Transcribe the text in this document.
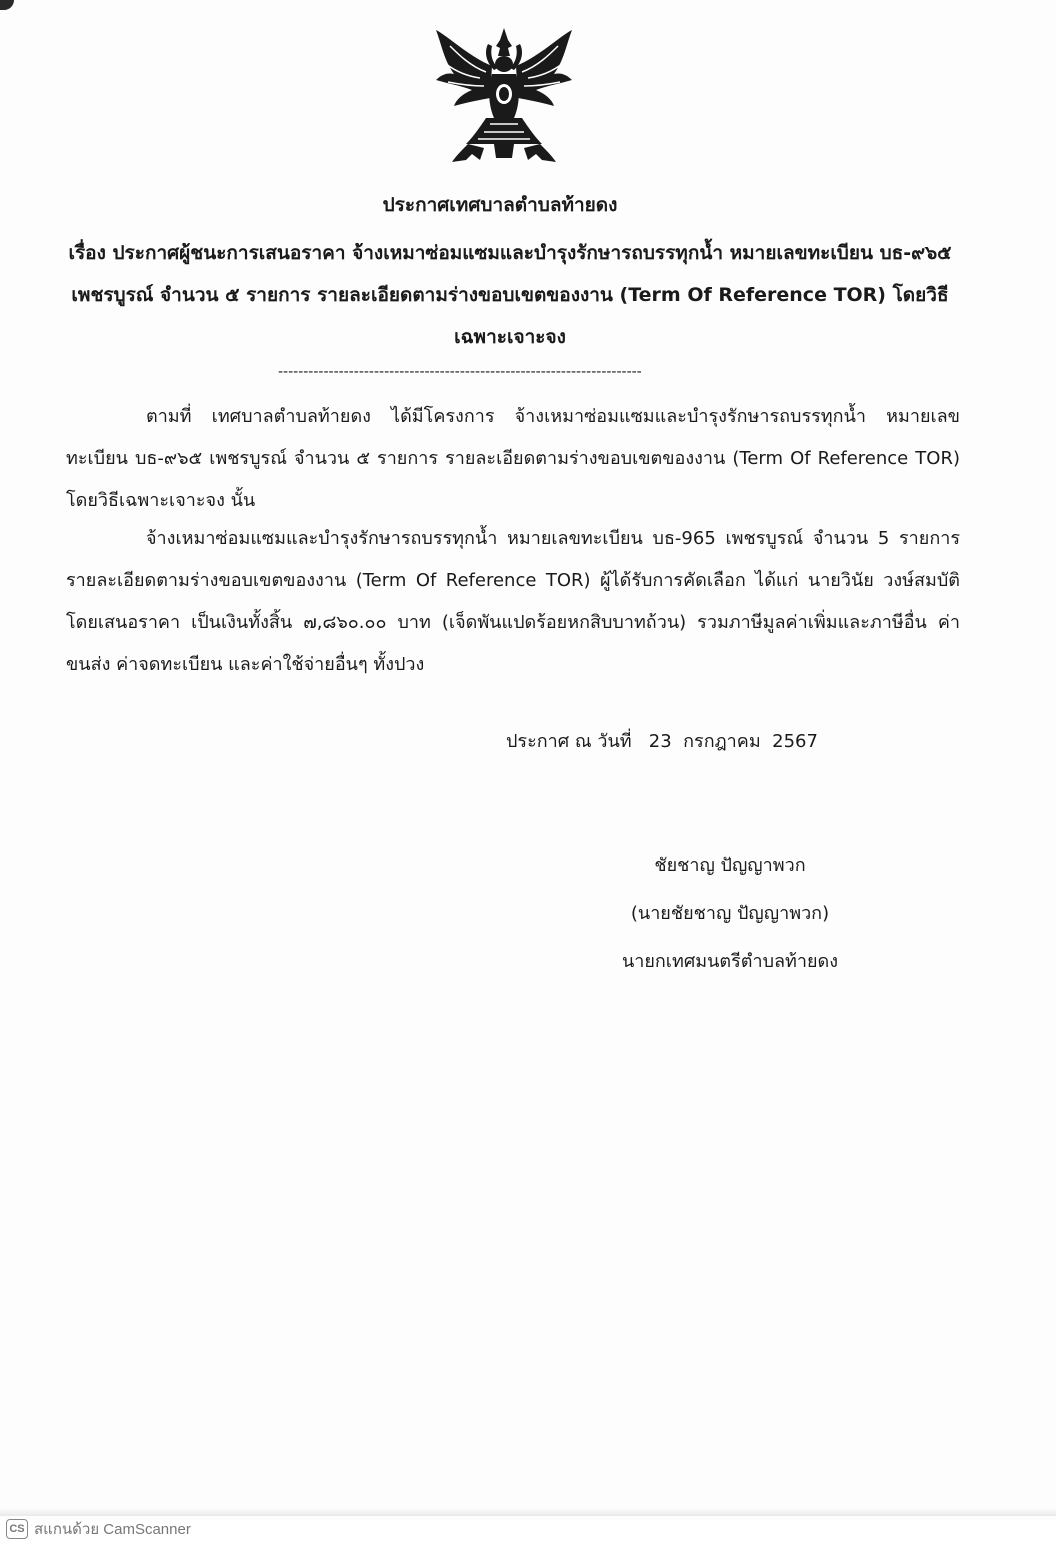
ประกาศเทศบาลตำบลท้ายดง
เรื่อง ประกาศผู้ชนะการเสนอราคา จ้างเหมาซ่อมแซมและบำรุงรักษารถบรรทุกน้ำ หมายเลขทะเบียน บธ-๙๖๕
เพชรบูรณ์ จำนวน ๕ รายการ รายละเอียดตามร่างขอบเขตของงาน (Term Of Reference TOR) โดยวิธี
เฉพาะเจาะจง
------------------------------------------------------------------------
ตามที่ เทศบาลตำบลท้ายดง ได้มีโครงการ จ้างเหมาซ่อมแซมและบำรุงรักษารถบรรทุกน้ำ หมายเลขทะเบียน บธ-๙๖๕ เพชรบูรณ์ จำนวน ๕ รายการ รายละเอียดตามร่างขอบเขตของงาน (Term Of Reference TOR) โดยวิธีเฉพาะเจาะจง นั้น
จ้างเหมาซ่อมแซมและบำรุงรักษารถบรรทุกน้ำ หมายเลขทะเบียน บธ-965 เพชรบูรณ์ จำนวน 5 รายการ รายละเอียดตามร่างขอบเขตของงาน (Term Of Reference TOR) ผู้ได้รับการคัดเลือก ได้แก่ นายวินัย วงษ์สมบัติ โดยเสนอราคา เป็นเงินทั้งสิ้น ๗,๘๖๐.๐๐ บาท (เจ็ดพันแปดร้อยหกสิบบาทถ้วน) รวมภาษีมูลค่าเพิ่มและภาษีอื่น ค่าขนส่ง ค่าจดทะเบียน และค่าใช้จ่ายอื่นๆ ทั้งปวง
ประกาศ ณ วันที่   23  กรกฎาคม  2567
ชัยชาญ ปัญญาพวก
(นายชัยชาญ ปัญญาพวก)
นายกเทศมนตรีตำบลท้ายดง
CS สแกนด้วย CamScanner
